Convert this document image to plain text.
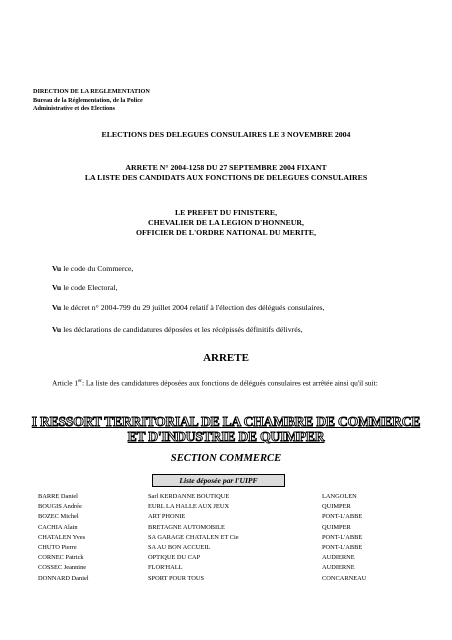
DIRECTION DE LA REGLEMENTATION
Bureau de la Réglementation, de la Police
Administrative et des Elections
ELECTIONS DES DELEGUES CONSULAIRES LE 3 NOVEMBRE 2004
ARRETE N° 2004-1258 DU 27 SEPTEMBRE 2004 FIXANT
LA LISTE DES CANDIDATS AUX FONCTIONS DE DELEGUES CONSULAIRES
LE PREFET DU FINISTERE,
CHEVALIER DE LA LEGION D'HONNEUR,
OFFICIER DE L'ORDRE NATIONAL DU MERITE,
Vu le code du Commerce,
Vu le code Electoral,
Vu le décret n° 2004-799 du 29 juillet 2004 relatif à l'élection des délégués consulaires,
Vu les déclarations de candidatures déposées et les récépissés définitifs délivrés,
ARRETE
Article 1er: La liste des candidatures déposées aux fonctions de délégués consulaires est arrêtée ainsi qu'il suit:
I RESSORT TERRITORIAL DE LA CHAMBRE DE COMMERCE
ET D'INDUSTRIE DE QUIMPER
SECTION COMMERCE
Liste déposée par l'UIPF
BARRE Daniel	Sarl KERDANNE BOUTIQUE	LANGOLEN
BOUGIS Andrée	EURL LA HALLE AUX JEUX	QUIMPER
BOZEC Michel	ART PHONIE	PONT-L'ABBE
CACHIA Alain	BRETAGNE AUTOMOBILE	QUIMPER
CHATALEN Yves	SA GARAGE CHATALEN ET Cie	PONT-L'ABBE
CHUTO Pierre	SA AU BON ACCUEIL	PONT-L'ABBE
CORNEC Patrick	OPTIQUE DU CAP	AUDIERNE
COSSEC Jeannine	FLOR'HALL	AUDIERNE
DONNARD Daniel	SPORT POUR TOUS	CONCARNEAU
